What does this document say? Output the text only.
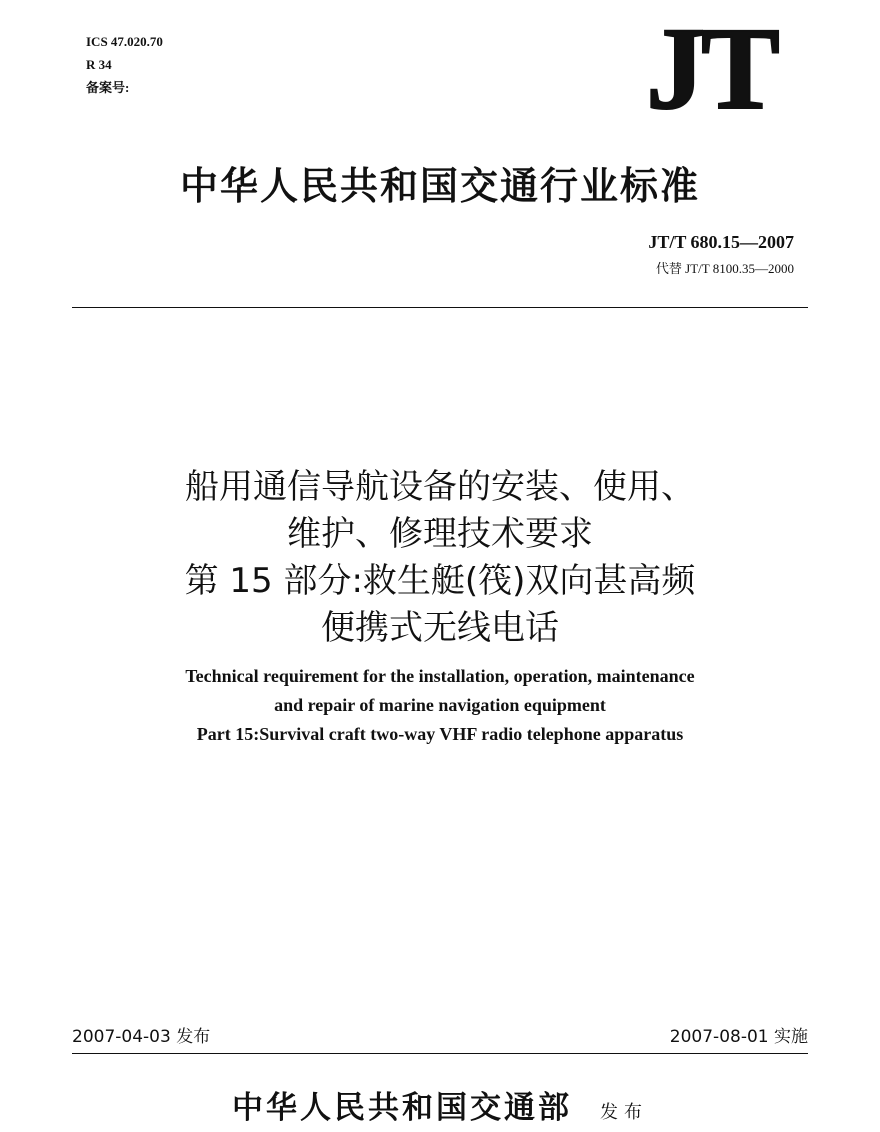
ICS 47.020.70
R 34
备案号:	JT
中华人民共和国交通行业标准
JT/T 680.15—2007
代替 JT/T 8100.35—2000
船用通信导航设备的安装、使用、
维护、修理技术要求
第 15 部分:救生艇(筏)双向甚高频
便携式无线电话
Technical requirement for the installation, operation, maintenance
and repair of marine navigation equipment
Part 15:Survival craft two-way VHF radio telephone apparatus
2007-04-03 发布	2007-08-01 实施
中华人民共和国交通部 发布
